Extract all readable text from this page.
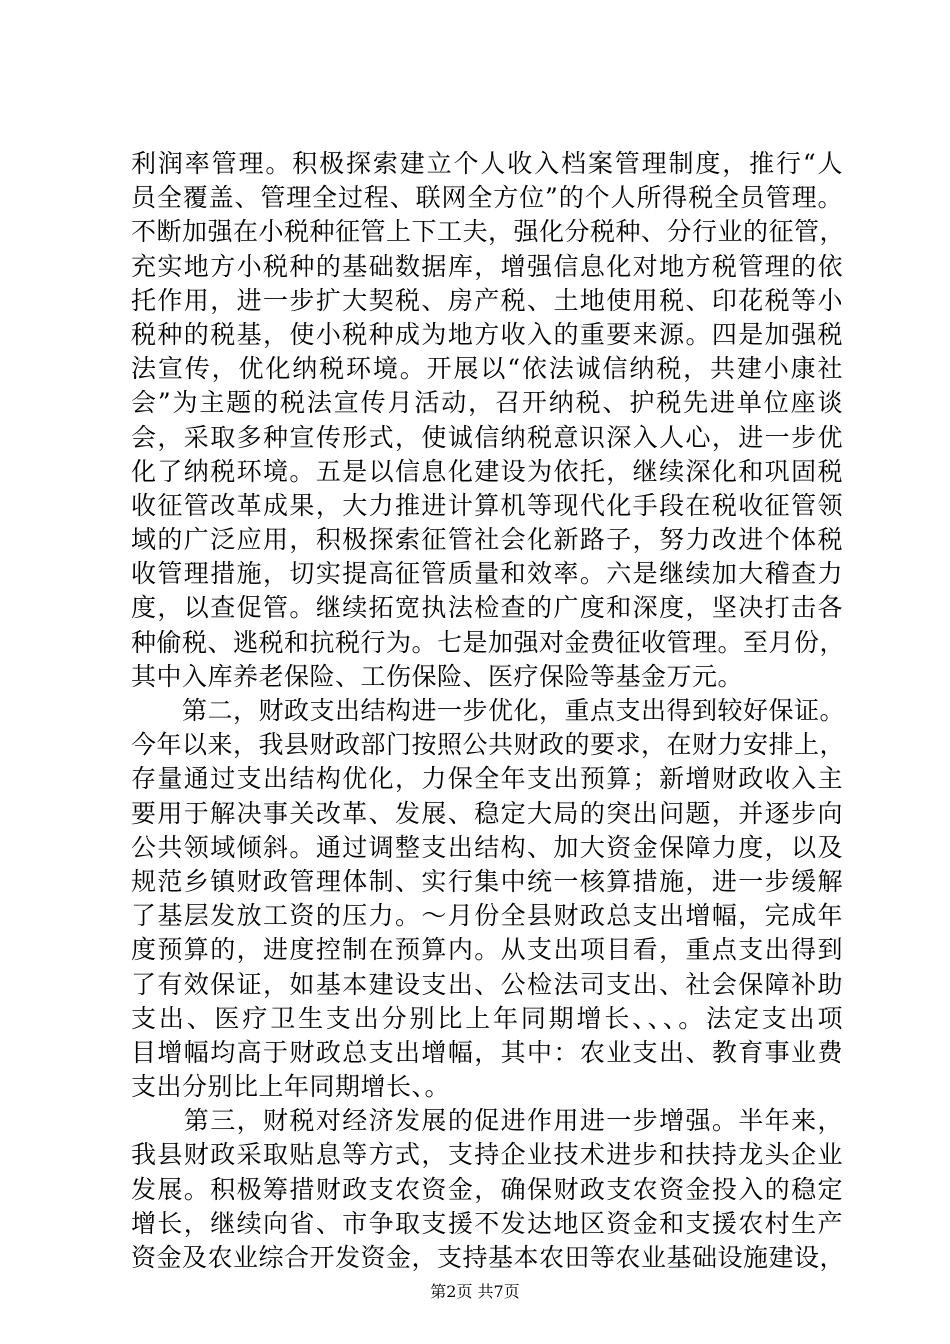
利润率管理。积极探索建立个人收入档案管理制度，推行“人
员全覆盖、管理全过程、联网全方位”的个人所得税全员管理。
不断加强在小税种征管上下工夫，强化分税种、分行业的征管，
充实地方小税种的基础数据库，增强信息化对地方税管理的依
托作用，进一步扩大契税、房产税、土地使用税、印花税等小
税种的税基，使小税种成为地方收入的重要来源。四是加强税
法宣传，优化纳税环境。开展以“依法诚信纳税，共建小康社
会”为主题的税法宣传月活动，召开纳税、护税先进单位座谈
会，采取多种宣传形式，使诚信纳税意识深入人心，进一步优
化了纳税环境。五是以信息化建设为依托，继续深化和巩固税
收征管改革成果，大力推进计算机等现代化手段在税收征管领
域的广泛应用，积极探索征管社会化新路子，努力改进个体税
收管理措施，切实提高征管质量和效率。六是继续加大稽查力
度，以查促管。继续拓宽执法检查的广度和深度，坚决打击各
种偷税、逃税和抗税行为。七是加强对金费征收管理。至月份，
其中入库养老保险、工伤保险、医疗保险等基金万元。
　　第二，财政支出结构进一步优化，重点支出得到较好保证。
今年以来，我县财政部门按照公共财政的要求，在财力安排上，
存量通过支出结构优化，力保全年支出预算；新增财政收入主
要用于解决事关改革、发展、稳定大局的突出问题，并逐步向
公共领域倾斜。通过调整支出结构、加大资金保障力度，以及
规范乡镇财政管理体制、实行集中统一核算措施，进一步缓解
了基层发放工资的压力。～月份全县财政总支出增幅，完成年
度预算的，进度控制在预算内。从支出项目看，重点支出得到
了有效保证，如基本建设支出、公检法司支出、社会保障补助
支出、医疗卫生支出分别比上年同期增长、、、。法定支出项
目增幅均高于财政总支出增幅，其中：农业支出、教育事业费
支出分别比上年同期增长、。
　　第三，财税对经济发展的促进作用进一步增强。半年来，
我县财政采取贴息等方式，支持企业技术进步和扶持龙头企业
发展。积极筹措财政支农资金，确保财政支农资金投入的稳定
增长，继续向省、市争取支援不发达地区资金和支援农村生产
资金及农业综合开发资金，支持基本农田等农业基础设施建设，
第2页 共7页
